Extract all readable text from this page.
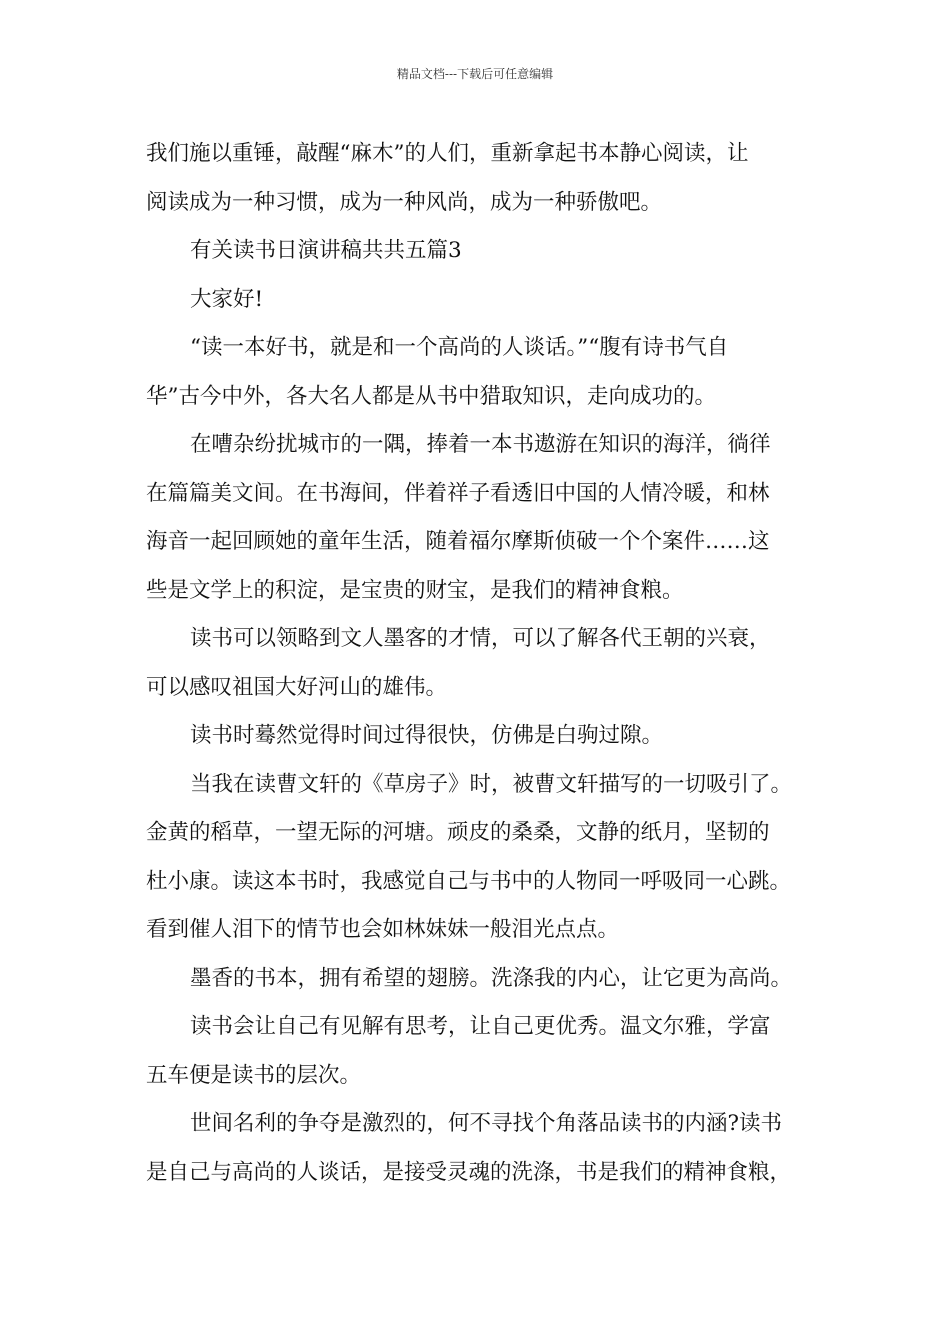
精品文档---下载后可任意编辑
我们施以重锤，敲醒“麻木”的人们，重新拿起书本静心阅读，让
阅读成为一种习惯，成为一种风尚，成为一种骄傲吧。
有关读书日演讲稿共共五篇3
大家好!
“读一本好书，就是和一个高尚的人谈话。”“腹有诗书气自
华”古今中外，各大名人都是从书中猎取知识，走向成功的。
在嘈杂纷扰城市的一隅，捧着一本书遨游在知识的海洋，徜徉
在篇篇美文间。在书海间，伴着祥子看透旧中国的人情冷暖，和林
海音一起回顾她的童年生活，随着福尔摩斯侦破一个个案件……这
些是文学上的积淀，是宝贵的财宝，是我们的精神食粮。
读书可以领略到文人墨客的才情，可以了解各代王朝的兴衰，
可以感叹祖国大好河山的雄伟。
读书时蓦然觉得时间过得很快，仿佛是白驹过隙。
当我在读曹文轩的《草房子》时，被曹文轩描写的一切吸引了。
金黄的稻草，一望无际的河塘。顽皮的桑桑，文静的纸月，坚韧的
杜小康。读这本书时，我感觉自己与书中的人物同一呼吸同一心跳。
看到催人泪下的情节也会如林妹妹一般泪光点点。
墨香的书本，拥有希望的翅膀。洗涤我的内心，让它更为高尚。
读书会让自己有见解有思考，让自己更优秀。温文尔雅，学富
五车便是读书的层次。
世间名利的争夺是激烈的，何不寻找个角落品读书的内涵?读书
是自己与高尚的人谈话，是接受灵魂的洗涤，书是我们的精神食粮，
